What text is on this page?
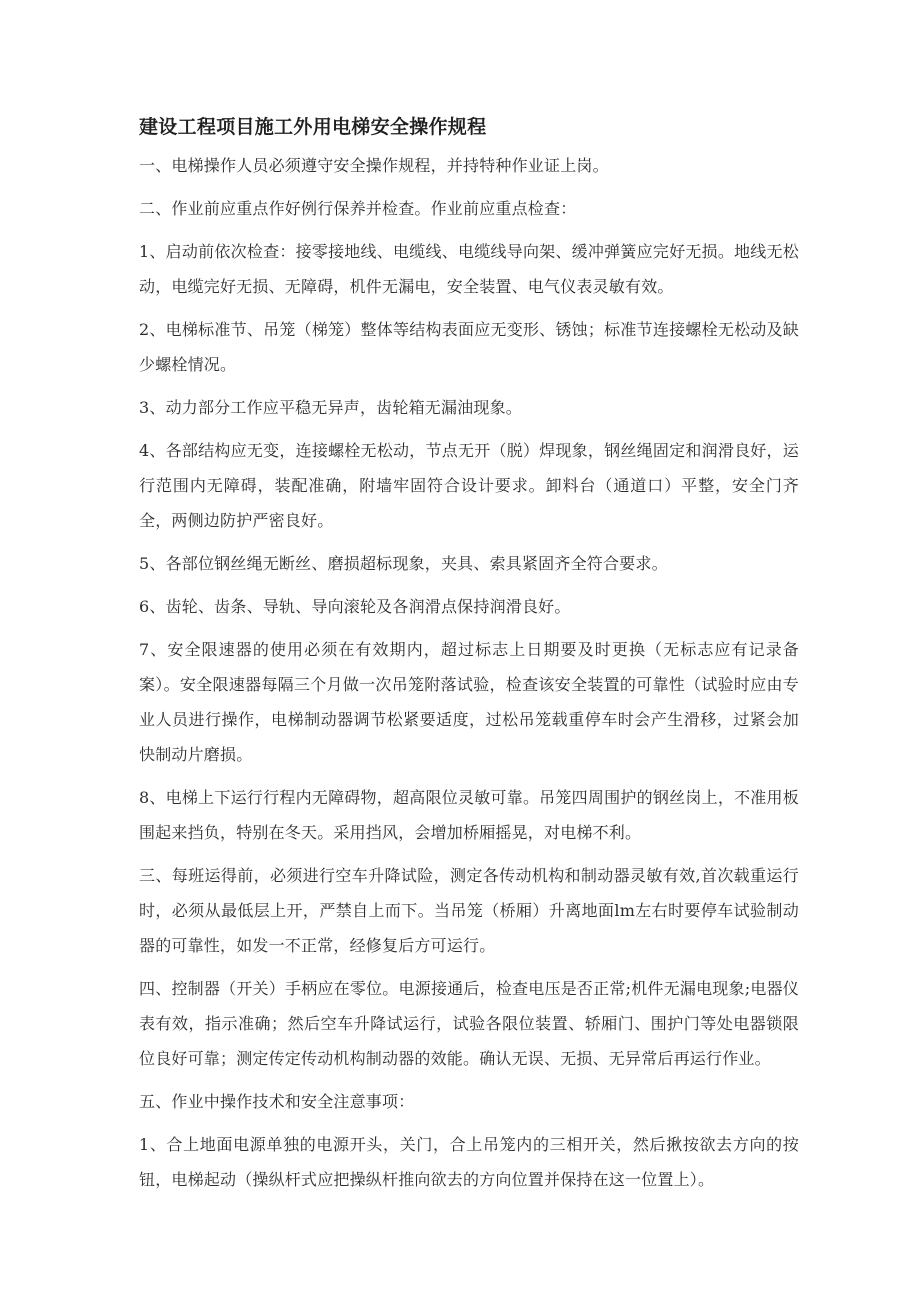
建设工程项目施工外用电梯安全操作规程

一、电梯操作人员必须遵守安全操作规程，并持特种作业证上岗。

二、作业前应重点作好例行保养并检查。作业前应重点检查：

1、启动前依次检查：接零接地线、电缆线、电缆线导向架、缓冲弹簧应完好无损。地线无松动，电缆完好无损、无障碍，机件无漏电，安全装置、电气仪表灵敏有效。

2、电梯标准节、吊笼（梯笼）整体等结构表面应无变形、锈蚀；标准节连接螺栓无松动及缺少螺栓情况。

3、动力部分工作应平稳无异声，齿轮箱无漏油现象。

4、各部结构应无变，连接螺栓无松动，节点无开（脱）焊现象，钢丝绳固定和润滑良好，运行范围内无障碍，装配准确，附墙牢固符合设计要求。卸料台（通道口）平整，安全门齐全，两侧边防护严密良好。

5、各部位钢丝绳无断丝、磨损超标现象，夹具、索具紧固齐全符合要求。

6、齿轮、齿条、导轨、导向滚轮及各润滑点保持润滑良好。

7、安全限速器的使用必须在有效期内，超过标志上日期要及时更换（无标志应有记录备案）。安全限速器每隔三个月做一次吊笼附落试验，检查该安全装置的可靠性（试验时应由专业人员进行操作，电梯制动器调节松紧要适度，过松吊笼载重停车时会产生滑移，过紧会加快制动片磨损。

8、电梯上下运行行程内无障碍物，超高限位灵敏可靠。吊笼四周围护的钢丝岗上，不准用板围起来挡负，特别在冬天。采用挡风，会增加桥厢摇晃，对电梯不利。

三、每班运得前，必须进行空车升降试险，测定各传动机构和制动器灵敏有效,首次载重运行时，必须从最低层上开，严禁自上而下。当吊笼（桥厢）升离地面lm左右时要停车试验制动器的可靠性，如发一不正常，经修复后方可运行。

四、控制器（开关）手柄应在零位。电源接通后，检查电压是否正常;机件无漏电现象;电器仪表有效，指示准确；然后空车升降试运行，试验各限位装置、轿厢门、围护门等处电器锁限位良好可靠；测定传定传动机构制动器的效能。确认无误、无损、无异常后再运行作业。

五、作业中操作技术和安全注意事项：

1、合上地面电源单独的电源开头，关门，合上吊笼内的三相开关，然后揪按欲去方向的按钮，电梯起动（操纵杆式应把操纵杆推向欲去的方向位置并保持在这一位置上）。
